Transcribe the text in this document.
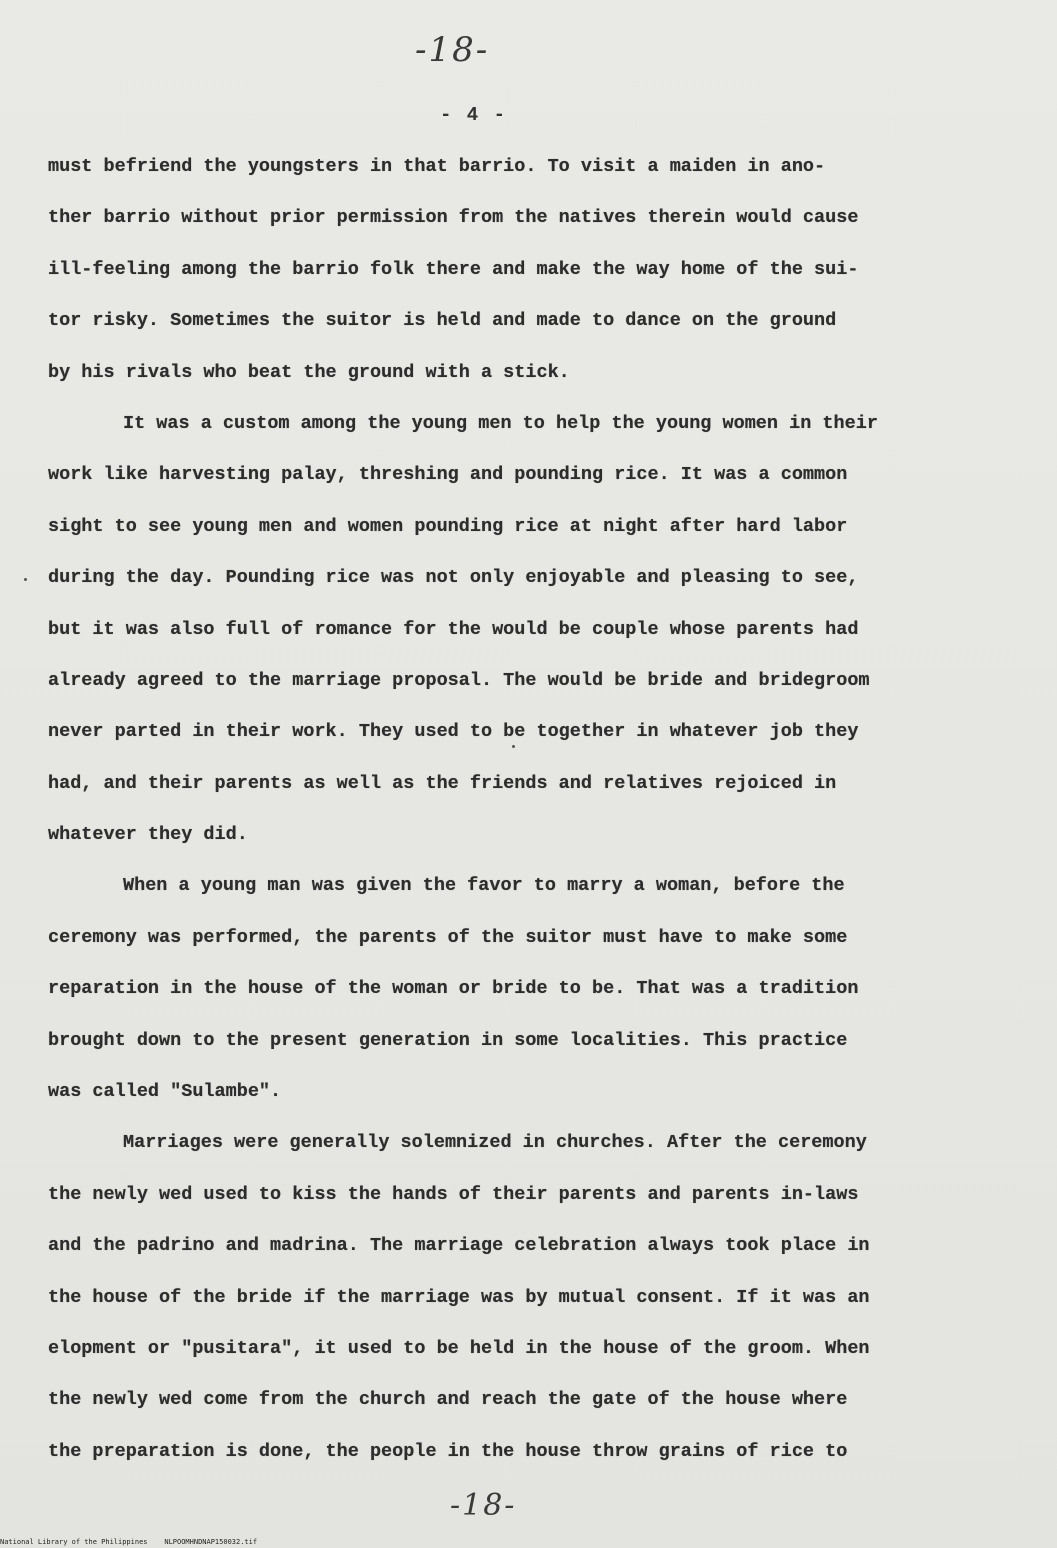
-18-
- 4 -
must befriend the youngsters in that barrio. To visit a maiden in ano-
ther barrio without prior permission from the natives therein would cause
ill-feeling among the barrio folk there and make the way home of the sui-
tor risky. Sometimes the suitor is held and made to dance on the ground
by his rivals who beat the ground with a stick.
It was a custom among the young men to help the young women in their
work like harvesting palay, threshing and pounding rice. It was a common
sight to see young men and women pounding rice at night after hard labor
during the day. Pounding rice was not only enjoyable and pleasing to see,
but it was also full of romance for the would be couple whose parents had
already agreed to the marriage proposal. The would be bride and bridegroom
never parted in their work. They used to be together in whatever job they
had, and their parents as well as the friends and relatives rejoiced in
whatever they did.
When a young man was given the favor to marry a woman, before the
ceremony was performed, the parents of the suitor must have to make some
reparation in the house of the woman or bride to be. That was a tradition
brought down to the present generation in some localities. This practice
was called "Sulambe".
Marriages were generally solemnized in churches. After the ceremony
the newly wed used to kiss the hands of their parents and parents in-laws
and the padrino and madrina. The marriage celebration always took place in
the house of the bride if the marriage was by mutual consent. If it was an
elopment or "pusitara", it used to be held in the house of the groom. When
the newly wed come from the church and reach the gate of the house where
the preparation is done, the people in the house throw grains of rice to
-18-
National Library of the Philippines    NLPOOMHNDNAP150032.tif
